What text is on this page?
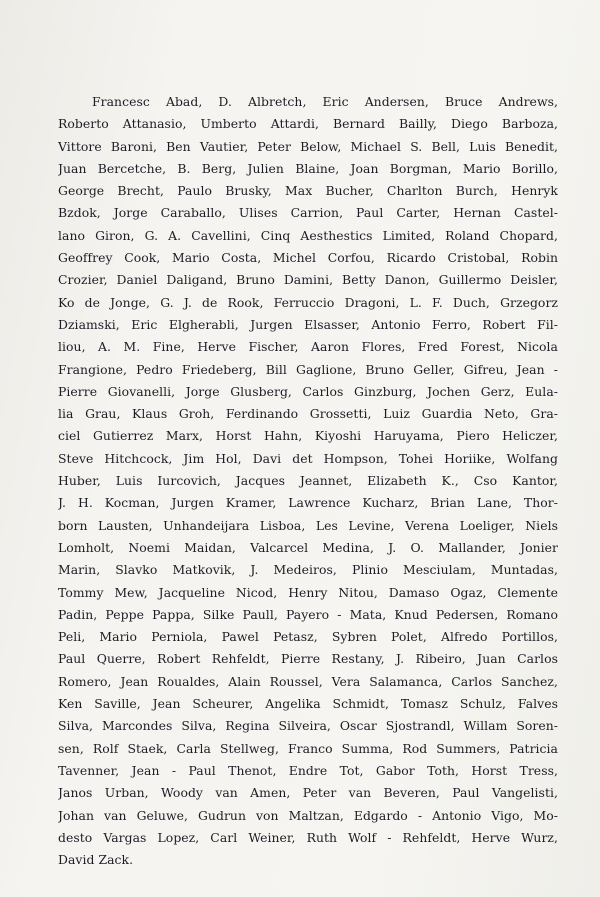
Francesc Abad, D. Albretch, Eric Andersen, Bruce Andrews,
Roberto Attanasio, Umberto Attardi, Bernard Bailly, Diego Barboza,
Vittore Baroni, Ben Vautier, Peter Below, Michael S. Bell, Luis Benedit,
Juan Bercetche, B. Berg, Julien Blaine, Joan Borgman, Mario Borillo,
George Brecht, Paulo Brusky, Max Bucher, Charlton Burch, Henryk
Bzdok, Jorge Caraballo, Ulises Carrion, Paul Carter, Hernan Castel-
lano Giron, G. A. Cavellini, Cinq Aesthestics Limited, Roland Chopard,
Geoffrey Cook, Mario Costa, Michel Corfou, Ricardo Cristobal, Robin
Crozier, Daniel Daligand, Bruno Damini, Betty Danon, Guillermo Deisler,
Ko de Jonge, G. J. de Rook, Ferruccio Dragoni, L. F. Duch, Grzegorz
Dziamski, Eric Elgherabli, Jurgen Elsasser, Antonio Ferro, Robert Fil-
liou, A. M. Fine, Herve Fischer, Aaron Flores, Fred Forest, Nicola
Frangione, Pedro Friedeberg, Bill Gaglione, Bruno Geller, Gifreu, Jean -
Pierre Giovanelli, Jorge Glusberg, Carlos Ginzburg, Jochen Gerz, Eula-
lia Grau, Klaus Groh, Ferdinando Grossetti, Luiz Guardia Neto, Gra-
ciel Gutierrez Marx, Horst Hahn, Kiyoshi Haruyama, Piero Heliczer,
Steve Hitchcock, Jim Hol, Davi det Hompson, Tohei Horiike, Wolfang
Huber, Luis Iurcovich, Jacques Jeannet, Elizabeth K., Cso Kantor,
J. H. Kocman, Jurgen Kramer, Lawrence Kucharz, Brian Lane, Thor-
born Lausten, Unhandeijara Lisboa, Les Levine, Verena Loeliger, Niels
Lomholt, Noemi Maidan, Valcarcel Medina, J. O. Mallander, Jonier
Marin, Slavko Matkovik, J. Medeiros, Plinio Mesciulam, Muntadas,
Tommy Mew, Jacqueline Nicod, Henry Nitou, Damaso Ogaz, Clemente
Padin, Peppe Pappa, Silke Paull, Payero - Mata, Knud Pedersen, Romano
Peli, Mario Perniola, Pawel Petasz, Sybren Polet, Alfredo Portillos,
Paul Querre, Robert Rehfeldt, Pierre Restany, J. Ribeiro, Juan Carlos
Romero, Jean Roualdes, Alain Roussel, Vera Salamanca, Carlos Sanchez,
Ken Saville, Jean Scheurer, Angelika Schmidt, Tomasz Schulz, Falves
Silva, Marcondes Silva, Regina Silveira, Oscar Sjostrandl, Willam Soren-
sen, Rolf Staek, Carla Stellweg, Franco Summa, Rod Summers, Patricia
Tavenner, Jean - Paul Thenot, Endre Tot, Gabor Toth, Horst Tress,
Janos Urban, Woody van Amen, Peter van Beveren, Paul Vangelisti,
Johan van Geluwe, Gudrun von Maltzan, Edgardo - Antonio Vigo, Mo-
desto Vargas Lopez, Carl Weiner, Ruth Wolf - Rehfeldt, Herve Wurz,
David Zack.
